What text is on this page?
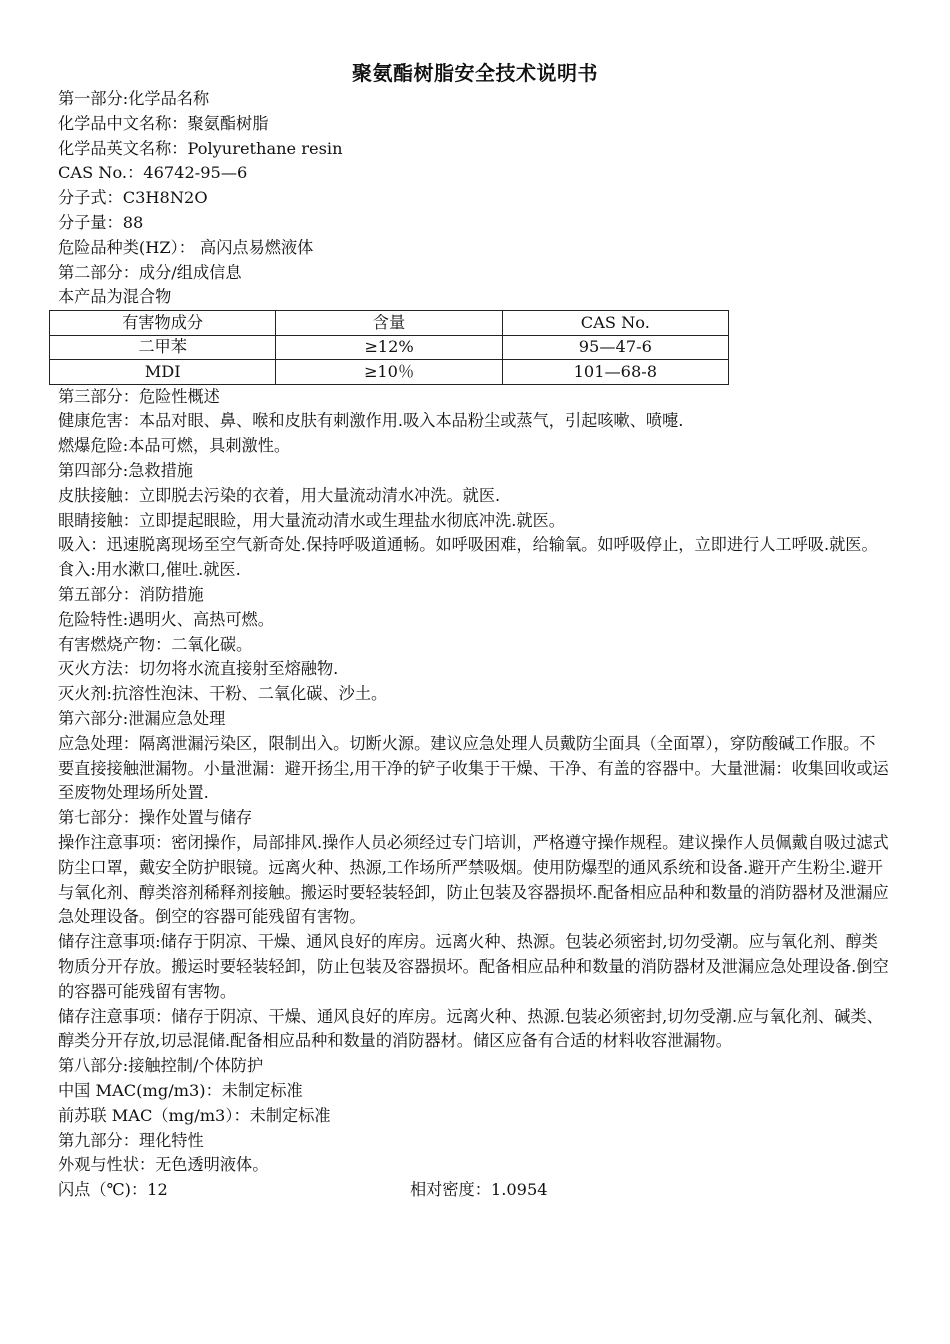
聚氨酯树脂安全技术说明书
第一部分:化学品名称
化学品中文名称：聚氨酯树脂
化学品英文名称：Polyurethane resin
CAS No.：46742-95—6
分子式：C3H8N2O
分子量：88
危险品种类(HZ）： 高闪点易燃液体
第二部分：成分/组成信息
本产品为混合物
有害物成分	含量	CAS No.
二甲苯	≥12%	95—47-6
MDI	≥10％	101—68-8
第三部分：危险性概述
健康危害：本品对眼、鼻、喉和皮肤有刺激作用.吸入本品粉尘或蒸气，引起咳嗽、喷嚏.
燃爆危险:本品可燃，具刺激性。
第四部分:急救措施
皮肤接触：立即脱去污染的衣着，用大量流动清水冲洗。就医.
眼睛接触：立即提起眼睑，用大量流动清水或生理盐水彻底冲洗.就医。
吸入：迅速脱离现场至空气新奇处.保持呼吸道通畅。如呼吸困难，给输氧。如呼吸停止，立即进行人工呼吸.就医。
食入:用水漱口,催吐.就医.
第五部分：消防措施
危险特性:遇明火、高热可燃。
有害燃烧产物：二氧化碳。
灭火方法：切勿将水流直接射至熔融物.
灭火剂:抗溶性泡沫、干粉、二氧化碳、沙土。
第六部分:泄漏应急处理
应急处理：隔离泄漏污染区，限制出入。切断火源。建议应急处理人员戴防尘面具（全面罩），穿防酸碱工作服。不要直接接触泄漏物。小量泄漏：避开扬尘,用干净的铲子收集于干燥、干净、有盖的容器中。大量泄漏：收集回收或运至废物处理场所处置.
第七部分：操作处置与储存
操作注意事项：密闭操作，局部排风.操作人员必须经过专门培训，严格遵守操作规程。建议操作人员佩戴自吸过滤式防尘口罩，戴安全防护眼镜。远离火种、热源,工作场所严禁吸烟。使用防爆型的通风系统和设备.避开产生粉尘.避开与氧化剂、醇类溶剂稀释剂接触。搬运时要轻装轻卸，防止包装及容器损坏.配备相应品种和数量的消防器材及泄漏应急处理设备。倒空的容器可能残留有害物。
储存注意事项:储存于阴凉、干燥、通风良好的库房。远离火种、热源。包装必须密封,切勿受潮。应与氧化剂、醇类物质分开存放。搬运时要轻装轻卸，防止包装及容器损坏。配备相应品种和数量的消防器材及泄漏应急处理设备.倒空的容器可能残留有害物。
储存注意事项：储存于阴凉、干燥、通风良好的库房。远离火种、热源.包装必须密封,切勿受潮.应与氧化剂、碱类、醇类分开存放,切忌混储.配备相应品种和数量的消防器材。储区应备有合适的材料收容泄漏物。
第八部分:接触控制/个体防护
中国 MAC(mg/m3)：未制定标准
前苏联 MAC（mg/m3）：未制定标准
第九部分：理化特性
外观与性状：无色透明液体。
闪点（℃)：12	相对密度：1.0954
